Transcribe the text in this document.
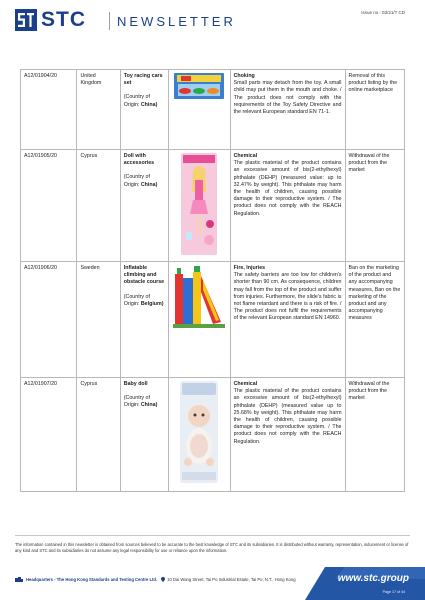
STC NEWSLETTER
Issue no.: 03/21/T CD
A12/01904/20	United Kingdom	Toy racing cars set
(Country of Origin: China)		Choking
Small parts may detach from the toy. A small child may put them in the mouth and choke. / The product does not comply with the requirements of the Toy Safety Directive and the relevant European standard EN 71-1.	Removal of this product listing by the online marketplace
A12/01905/20	Cyprus	Doll with accessories
(Country of Origin: China)		Chemical
The plastic material of the product contains an excessive amount of bis(2-ethylhexyl) phthalate (DEHP) (measured value: up to 32.47% by weight). This phthalate may harm the health of children, causing possible damage to their reproductive system. / The product does not comply with the REACH Regulation.	Withdrawal of the product from the market
A12/01906/20	Sweden	Inflatable climbing and obstacle course
(Country of Origin: Belgium)		Fire, Injuries
The safety barriers are too low for children's shorter than 90 cm. As consequence, children may fall from the top of the product and suffer from injuries. Furthermore, the slide's fabric is not flame retardant and there is a risk of fire. / The product does not fulfil the requirements of the relevant European standard EN 14960.	Ban on the marketing of the product and any accompanying measures, Ban on the marketing of the product and any accompanying measures
A12/01907/20	Cyprus	Baby doll
(Country of Origin: China)		Chemical
The plastic material of the product contains an excessive amount of bis(2-ethylhexyl) phthalate (DEHP) (measured value up to 25.68% by weight). This phthalate may harm the health of children, causing possible damage to their reproductive system. / The product does not comply with the REACH Regulation.	Withdrawal of the product from the market
The information contained in this newsletter is obtained from sources believed to be accurate to the best knowledge of STC and its subsidiaries. It is distributed without warranty, representation, inducement or license of any kind and STC and its subsidiaries do not assume any legal responsibility for use or reliance upon the information.
Headquarters - The Hong Kong Standards and Testing Centre Ltd. 10 Dai Wang Street, Tai Po Industrial Estate, Tai Po, N.T., Hong Kong	www.stc.group
Page 17 of 44
